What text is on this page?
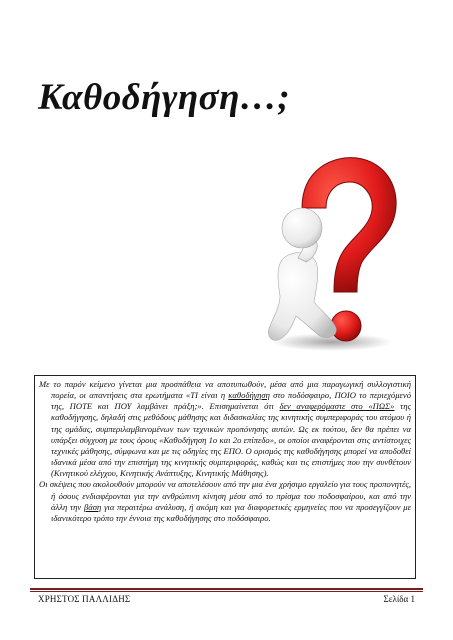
Καθοδήγηση…;

Με το παρόν κείμενο γίνεται μια προσπάθεια να αποτυπωθούν, μέσα από μια παραγωγική συλλογιστική πορεία, οι απαντήσεις στα ερωτήματα «ΤΙ είναι η καθοδήγηση στο ποδόσφαιρο, ΠΟΙΟ το περιεχόμενό της, ΠΟΤΕ και ΠΟΥ λαμβάνει πράξη;». Επισημαίνεται ότι δεν αναφερόμαστε στο «ΠΩΣ» της καθοδήγησης, δηλαδή στις μεθόδους μάθησης και διδασκαλίας της κινητικής συμπεριφοράς του ατόμου ή της ομάδας, συμπεριλαμβανομένων των τεχνικών προπόνησης αυτών. Ως εκ τούτου, δεν θα πρέπει να υπάρξει σύγχυση με τους όρους «Καθοδήγηση 1ο και 2ο επίπεδο», οι οποίοι αναφέρονται στις αντίστοιχες τεχνικές μάθησης, σύμφωνα και με τις οδηγίες της ΕΠΟ. Ο ορισμός της καθοδήγησης μπορεί να αποδοθεί ιδανικά μέσα από την επιστήμη της κινητικής συμπεριφοράς, καθώς και τις επιστήμες που την συνθέτουν (Κινητικού ελέγχου, Κινητικής Ανάπτυξης, Κινητικής Μάθησης).

Οι σκέψεις που ακολουθούν μπορούν να αποτελέσουν από την μια ένα χρήσιμο εργαλείο για τους προπονητές, ή όσους ενδιαφέρονται για την ανθρώπινη κίνηση μέσα από το πρίσμα του ποδοσφαίρου, και από την άλλη την βάση για περαιτέρω ανάλυση, ή ακόμη και για διαφορετικές ερμηνείες που να προσεγγίζουν με ιδανικότερο τρόπο την έννοια της καθοδήγησης στο ποδόσφαιρο.

ΧΡΗΣΤΟΣ ΠΑΛΛΙΔΗΣ	Σελίδα 1
